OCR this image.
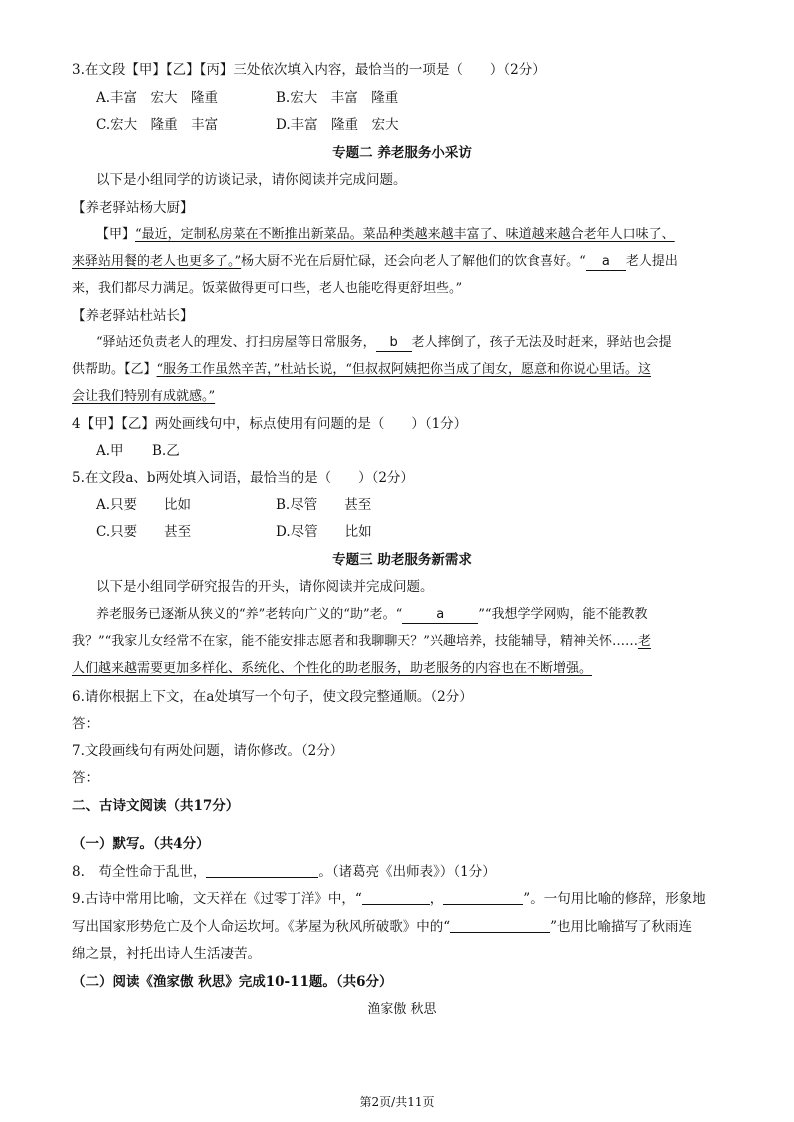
3.在文段【甲】【乙】【丙】三处依次填入内容，最恰当的一项是（　　）（2分）
A.丰富　宏大　隆重	B.宏大　丰富　隆重
C.宏大　隆重　丰富	D.丰富　隆重　宏大
专题二 养老服务小采访
以下是小组同学的访谈记录，请你阅读并完成问题。
【养老驿站杨大厨】
【甲】“最近，定制私房菜在不断推出新菜品。菜品种类越来越丰富了、味道越来越合老年人口味了、
来驿站用餐的老人也更多了。”杨大厨不光在后厨忙碌，还会向老人了解他们的饮食喜好。“ a 老人提出
来，我们都尽力满足。饭菜做得更可口些，老人也能吃得更舒坦些。”
【养老驿站杜站长】
“驿站还负责老人的理发、打扫房屋等日常服务， b 老人摔倒了，孩子无法及时赶来，驿站也会提
供帮助。【乙】“服务工作虽然辛苦，”杜站长说，“但叔叔阿姨把你当成了闺女，愿意和你说心里话。这
会让我们特别有成就感。”
4【甲】【乙】两处画线句中，标点使用有问题的是（　　）（1分）
A.甲 B.乙
5.在文段a、b两处填入词语，最恰当的是（　　）（2分）
A.只要　　比如	B.尽管　　甚至
C.只要　　甚至	D.尽管　　比如
专题三 助老服务新需求
以下是小组同学研究报告的开头，请你阅读并完成问题。
养老服务已逐渐从狭义的“养”老转向广义的“助”老。“	a	”“我想学学网购，能不能教教
我？”“我家儿女经常不在家，能不能安排志愿者和我聊聊天？”兴趣培养，技能辅导，精神关怀……老
人们越来越需要更加多样化、系统化、个性化的助老服务，助老服务的内容也在不断增强。
6.请你根据上下文，在a处填写一个句子，使文段完整通顺。（2分）
答：
7.文段画线句有两处问题，请你修改。（2分）
答：
二、古诗文阅读（共17分）
（一）默写。（共4分）
8.　苟全性命于乱世，	。（诸葛亮《出师表》）（1分）
9.古诗中常用比喻，文天祥在《过零丁洋》中，“	，	”。一句用比喻的修辞，形象地
写出国家形势危亡及个人命运坎坷。《茅屋为秋风所破歌》中的“	”也用比喻描写了秋雨连
绵之景，衬托出诗人生活凄苦。
（二）阅读《渔家傲 秋思》完成10-11题。（共6分）
渔家傲 秋思
第2页/共11页
